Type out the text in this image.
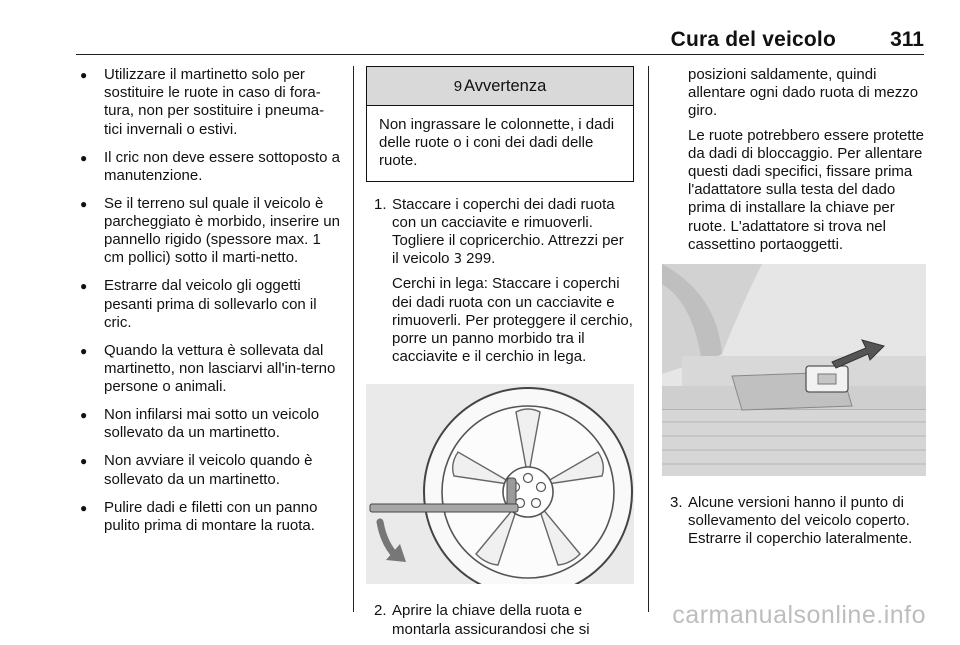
Cura del veicolo	311
● Utilizzare il martinetto solo per sostituire le ruote in caso di fora-tura, non per sostituire i pneuma-tici invernali o estivi.
● Il cric non deve essere sottoposto a manutenzione.
● Se il terreno sul quale il veicolo è parcheggiato è morbido, inserire un pannello rigido (spessore max. 1 cm pollici) sotto il marti-netto.
● Estrarre dal veicolo gli oggetti pesanti prima di sollevarlo con il cric.
● Quando la vettura è sollevata dal martinetto, non lasciarvi all'in-terno persone o animali.
● Non infilarsi mai sotto un veicolo sollevato da un martinetto.
● Non avviare il veicolo quando è sollevato da un martinetto.
● Pulire dadi e filetti con un panno pulito prima di montare la ruota.
9 Avvertenza
Non ingrassare le colonnette, i dadi delle ruote o i coni dei dadi delle ruote.
1. Staccare i coperchi dei dadi ruota con un cacciavite e rimuoverli. Togliere il copricerchio. Attrezzi per il veicolo 3 299.

Cerchi in lega: Staccare i coperchi dei dadi ruota con un cacciavite e rimuoverli. Per proteggere il cerchio, porre un panno morbido tra il cacciavite e il cerchio in lega.

2. Aprire la chiave della ruota e montarla assicurandosi che si

posizioni saldamente, quindi allentare ogni dado ruota di mezzo giro.

Le ruote potrebbero essere protette da dadi di bloccaggio. Per allentare questi dadi specifici, fissare prima l'adattatore sulla testa del dado prima di installare la chiave per ruote. L'adattatore si trova nel cassettino portaoggetti.

3. Alcune versioni hanno il punto di sollevamento del veicolo coperto. Estrarre il coperchio lateralmente.

carmanualsonline.info
